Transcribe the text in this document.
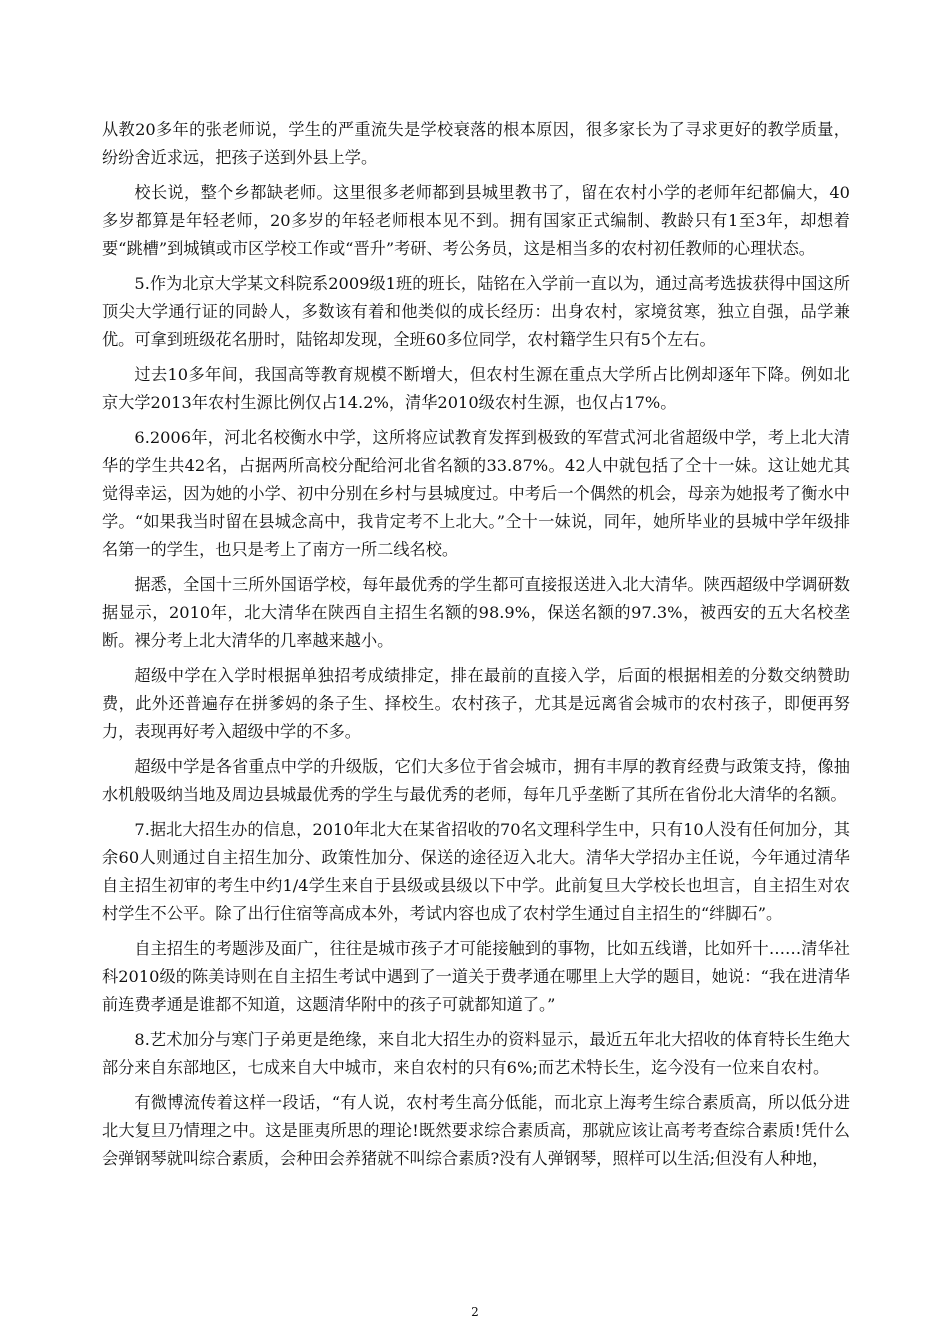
从教20多年的张老师说，学生的严重流失是学校衰落的根本原因，很多家长为了寻求更好的教学质量，纷纷舍近求远，把孩子送到外县上学。

校长说，整个乡都缺老师。这里很多老师都到县城里教书了，留在农村小学的老师年纪都偏大，40多岁都算是年轻老师，20多岁的年轻老师根本见不到。拥有国家正式编制、教龄只有1至3年，却想着要“跳槽”到城镇或市区学校工作或“晋升”考研、考公务员，这是相当多的农村初任教师的心理状态。

5.作为北京大学某文科院系2009级1班的班长，陆铭在入学前一直以为，通过高考选拔获得中国这所顶尖大学通行证的同龄人，多数该有着和他类似的成长经历：出身农村，家境贫寒，独立自强，品学兼优。可拿到班级花名册时，陆铭却发现，全班60多位同学，农村籍学生只有5个左右。

过去10多年间，我国高等教育规模不断增大，但农村生源在重点大学所占比例却逐年下降。例如北京大学2013年农村生源比例仅占14.2%，清华2010级农村生源，也仅占17%。

6.2006年，河北名校衡水中学，这所将应试教育发挥到极致的军营式河北省超级中学，考上北大清华的学生共42名，占据两所高校分配给河北省名额的33.87%。42人中就包括了仝十一妹。这让她尤其觉得幸运，因为她的小学、初中分别在乡村与县城度过。中考后一个偶然的机会，母亲为她报考了衡水中学。“如果我当时留在县城念高中，我肯定考不上北大。”仝十一妹说，同年，她所毕业的县城中学年级排名第一的学生，也只是考上了南方一所二线名校。

据悉，全国十三所外国语学校，每年最优秀的学生都可直接报送进入北大清华。陕西超级中学调研数据显示，2010年，北大清华在陕西自主招生名额的98.9%，保送名额的97.3%，被西安的五大名校垄断。裸分考上北大清华的几率越来越小。

超级中学在入学时根据单独招考成绩排定，排在最前的直接入学，后面的根据相差的分数交纳赞助费，此外还普遍存在拼爹妈的条子生、择校生。农村孩子，尤其是远离省会城市的农村孩子，即便再努力，表现再好考入超级中学的不多。

超级中学是各省重点中学的升级版，它们大多位于省会城市，拥有丰厚的教育经费与政策支持，像抽水机般吸纳当地及周边县城最优秀的学生与最优秀的老师，每年几乎垄断了其所在省份北大清华的名额。

7.据北大招生办的信息，2010年北大在某省招收的70名文理科学生中，只有10人没有任何加分，其余60人则通过自主招生加分、政策性加分、保送的途径迈入北大。清华大学招办主任说，今年通过清华自主招生初审的考生中约1/4学生来自于县级或县级以下中学。此前复旦大学校长也坦言，自主招生对农村学生不公平。除了出行住宿等高成本外，考试内容也成了农村学生通过自主招生的“绊脚石”。

自主招生的考题涉及面广，往往是城市孩子才可能接触到的事物，比如五线谱，比如歼十……清华社科2010级的陈美诗则在自主招生考试中遇到了一道关于费孝通在哪里上大学的题目，她说：“我在进清华前连费孝通是谁都不知道，这题清华附中的孩子可就都知道了。”

8.艺术加分与寒门子弟更是绝缘，来自北大招生办的资料显示，最近五年北大招收的体育特长生绝大部分来自东部地区，七成来自大中城市，来自农村的只有6%;而艺术特长生，迄今没有一位来自农村。

有微博流传着这样一段话，“有人说，农村考生高分低能，而北京上海考生综合素质高，所以低分进北大复旦乃情理之中。这是匪夷所思的理论!既然要求综合素质高，那就应该让高考考查综合素质!凭什么会弹钢琴就叫综合素质，会种田会养猪就不叫综合素质?没有人弹钢琴，照样可以生活;但没有人种地，

2
